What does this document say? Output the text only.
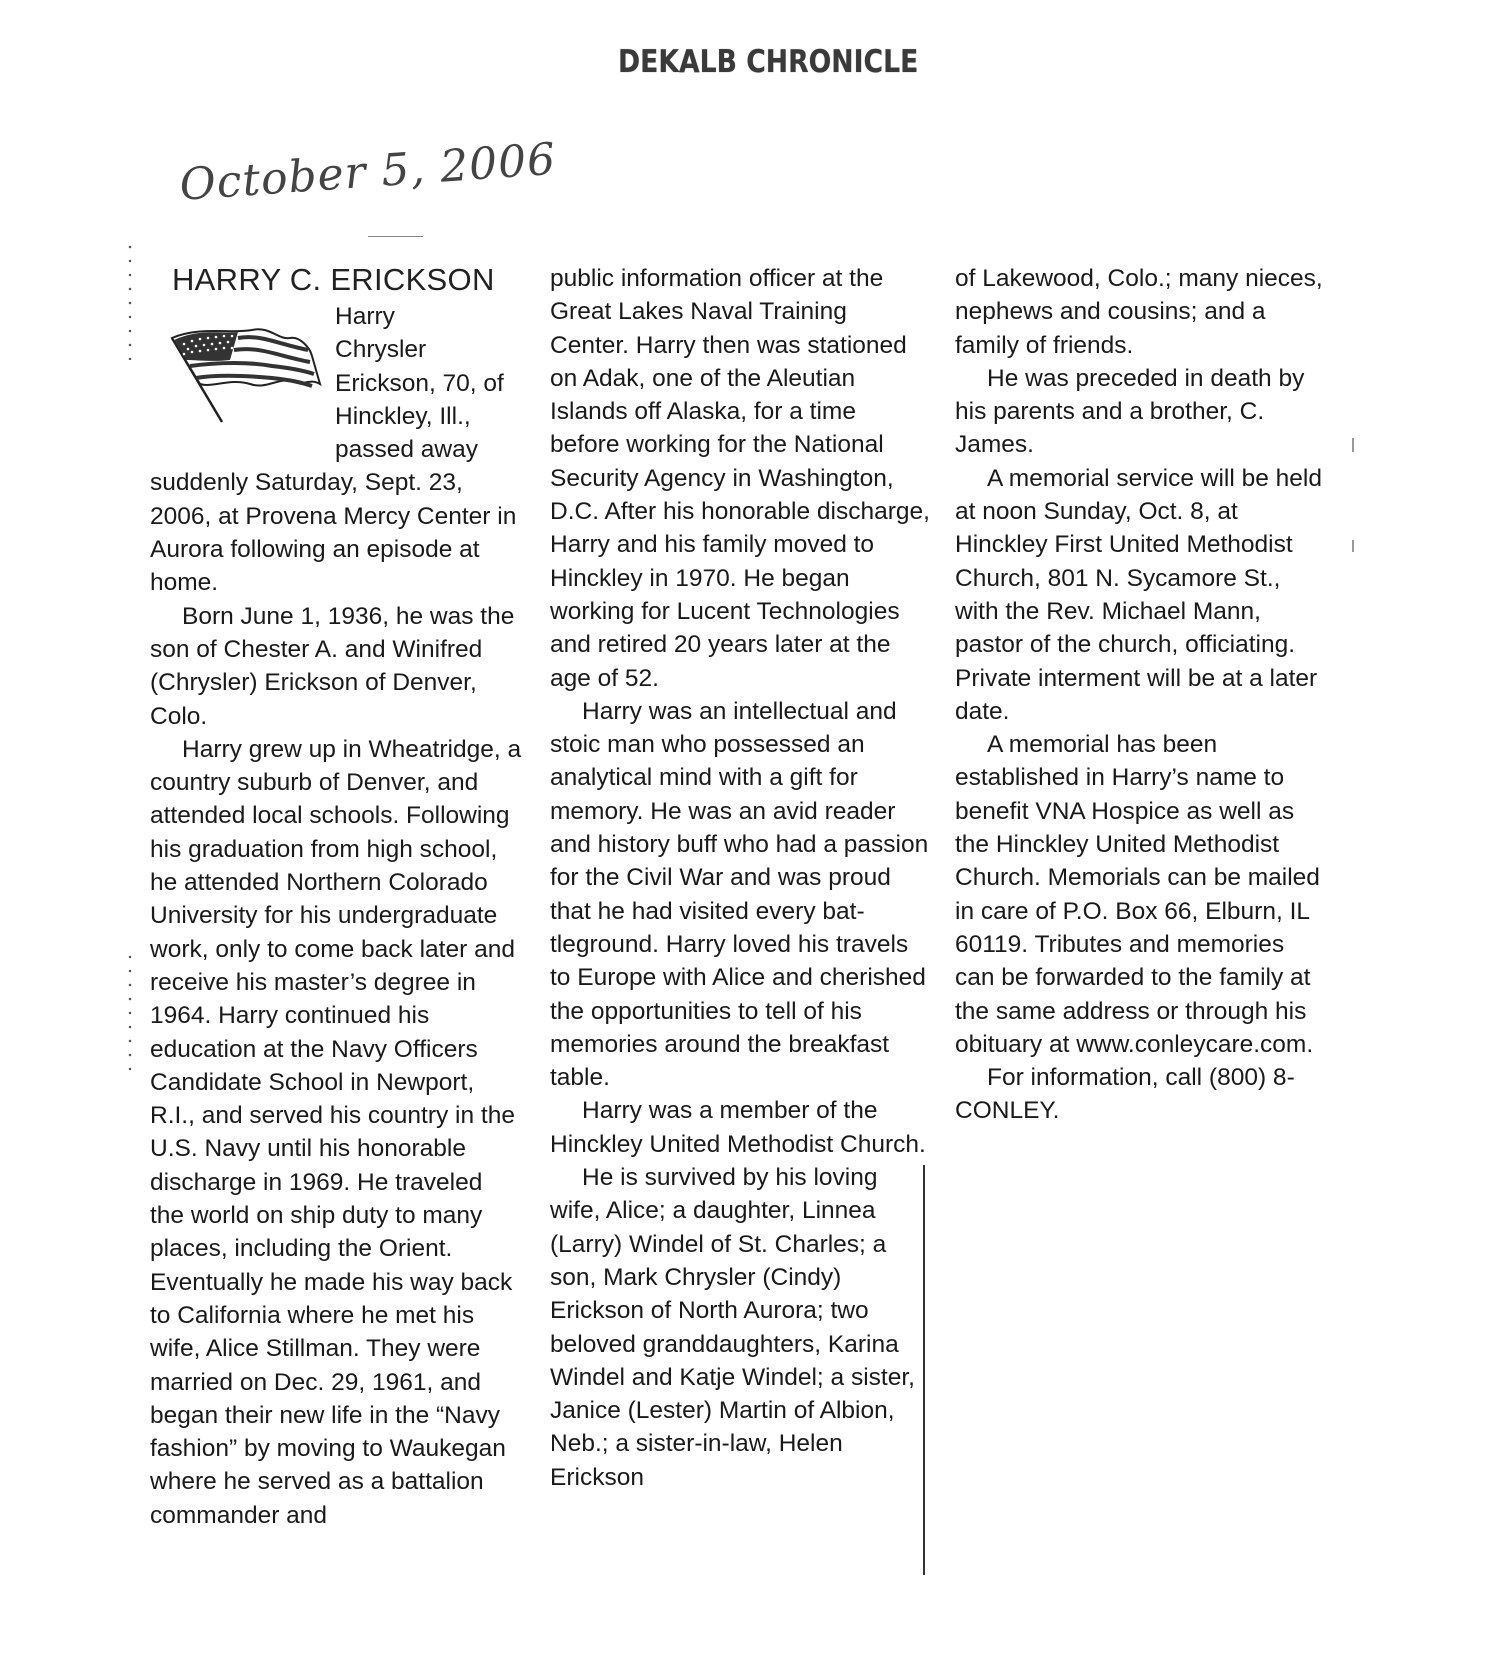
DEKALB CHRONICLE
October 5, 2006
HARRY C. ERICKSON
Harry
Chrysler
Erickson, 70, of
Hinckley, Ill.,
passed away

suddenly Saturday, Sept. 23, 2006, at Provena Mercy Center in Aurora following an episode at home.

Born June 1, 1936, he was the son of Chester A. and Winifred (Chrysler) Erickson of Denver, Colo.

Harry grew up in Wheatridge, a country suburb of Denver, and attended local schools. Following his graduation from high school, he attended Northern Colorado University for his undergraduate work, only to come back later and receive his master’s degree in 1964. Harry continued his education at the Navy Officers Candidate School in Newport, R.I., and served his country in the U.S. Navy until his honorable discharge in 1969. He traveled the world on ship duty to many places, including the Orient. Eventually he made his way back to California where he met his wife, Alice Stillman. They were married on Dec. 29, 1961, and began their new life in the “Navy fashion” by moving to Waukegan where he served as a battalion commander and

public information officer at the Great Lakes Naval Training Center. Harry then was stationed on Adak, one of the Aleutian Islands off Alaska, for a time before working for the National Security Agency in Washington, D.C. After his honorable discharge, Harry and his family moved to Hinckley in 1970. He began working for Lucent Technologies and retired 20 years later at the age of 52.

Harry was an intellectual and stoic man who possessed an analytical mind with a gift for memory. He was an avid reader and history buff who had a passion for the Civil War and was proud that he had visited every battleground. Harry loved his travels to Europe with Alice and cherished the opportunities to tell of his memories around the breakfast table.

Harry was a member of the Hinckley United Methodist Church.

He is survived by his loving wife, Alice; a daughter, Linnea (Larry) Windel of St. Charles; a son, Mark Chrysler (Cindy) Erickson of North Aurora; two beloved granddaughters, Karina Windel and Katje Windel; a sister, Janice (Lester) Martin of Albion, Neb.; a sister-in-law, Helen Erickson

of Lakewood, Colo.; many nieces, nephews and cousins; and a family of friends.

He was preceded in death by his parents and a brother, C. James.

A memorial service will be held at noon Sunday, Oct. 8, at Hinckley First United Methodist Church, 801 N. Sycamore St., with the Rev. Michael Mann, pastor of the church, officiating. Private interment will be at a later date.

A memorial has been established in Harry’s name to benefit VNA Hospice as well as the Hinckley United Methodist Church. Memorials can be mailed in care of P.O. Box 66, Elburn, IL 60119. Tributes and memories can be forwarded to the family at the same address or through his obituary at www.conleycare.com.

For information, call (800) 8-CONLEY.
